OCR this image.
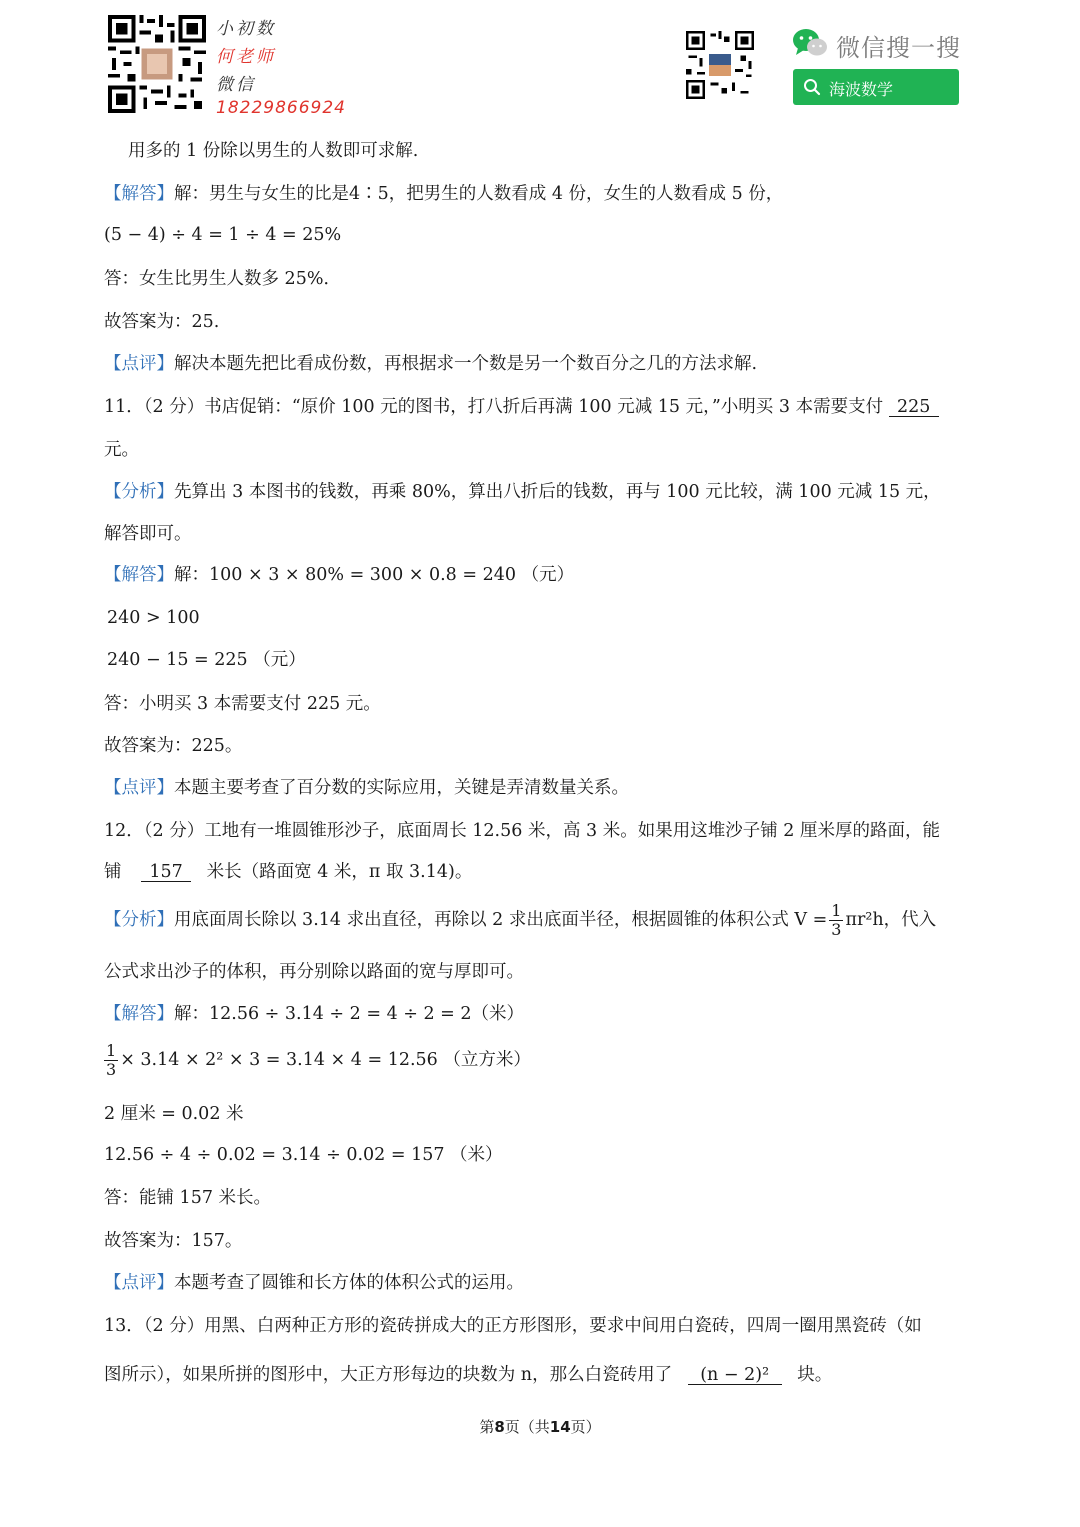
小初数
何老师
微信
18229866924
微信搜一搜
海波数学
用多的 1 份除以男生的人数即可求解.
【解答】解：男生与女生的比是4∶5，把男生的人数看成 4 份，女生的人数看成 5 份，
(5 − 4) ÷ 4 = 1 ÷ 4 = 25%
答：女生比男生人数多 25%．
故答案为：25.
【点评】解决本题先把比看成份数，再根据求一个数是另一个数百分之几的方法求解.
11．（2 分）书店促销：“原价 100 元的图书，打八折后再满 100 元减 15 元，”小明买 3 本需要支付 225
元。
【分析】先算出 3 本图书的钱数，再乘 80%，算出八折后的钱数，再与 100 元比较，满 100 元减 15 元，
解答即可。
【解答】解：100 × 3 × 80% = 300 × 0.8 = 240 （元）
240 > 100
240 − 15 = 225 （元）
答：小明买 3 本需要支付 225 元。
故答案为：225。
【点评】本题主要考查了百分数的实际应用，关键是弄清数量关系。
12．（2 分）工地有一堆圆锥形沙子，底面周长 12.56 米，高 3 米。如果用这堆沙子铺 2 厘米厚的路面，能
铺 157 米长（路面宽 4 米，π 取 3.14)。
【分析】用底面周长除以 3.14 求出直径，再除以 2 求出底面半径，根据圆锥的体积公式 $V = \frac{1}{3} \pi r^2h$，代入
公式求出沙子的体积，再分别除以路面的宽与厚即可。
【解答】解：12.56 ÷ 3.14 ÷ 2 = 4 ÷ 2 = 2（米）
$\frac{1}{3} \times 3.14 \times 2^2 \times 3 = 3.14 \times 4 = 12.56$ （立方米）
2 厘米 = 0.02 米
12.56 ÷ 4 ÷ 0.02 = 3.14 ÷ 0.02 = 157 （米）
答：能铺 157 米长。
故答案为：157。
【点评】本题考查了圆锥和长方体的体积公式的运用。
13．（2 分）用黑、白两种正方形的瓷砖拼成大的正方形图形，要求中间用白瓷砖，四周一圈用黑瓷砖（如
图所示），如果所拼的图形中，大正方形每边的块数为 n，那么白瓷砖用了 (n − 2)² 块。
第8页（共14页）
